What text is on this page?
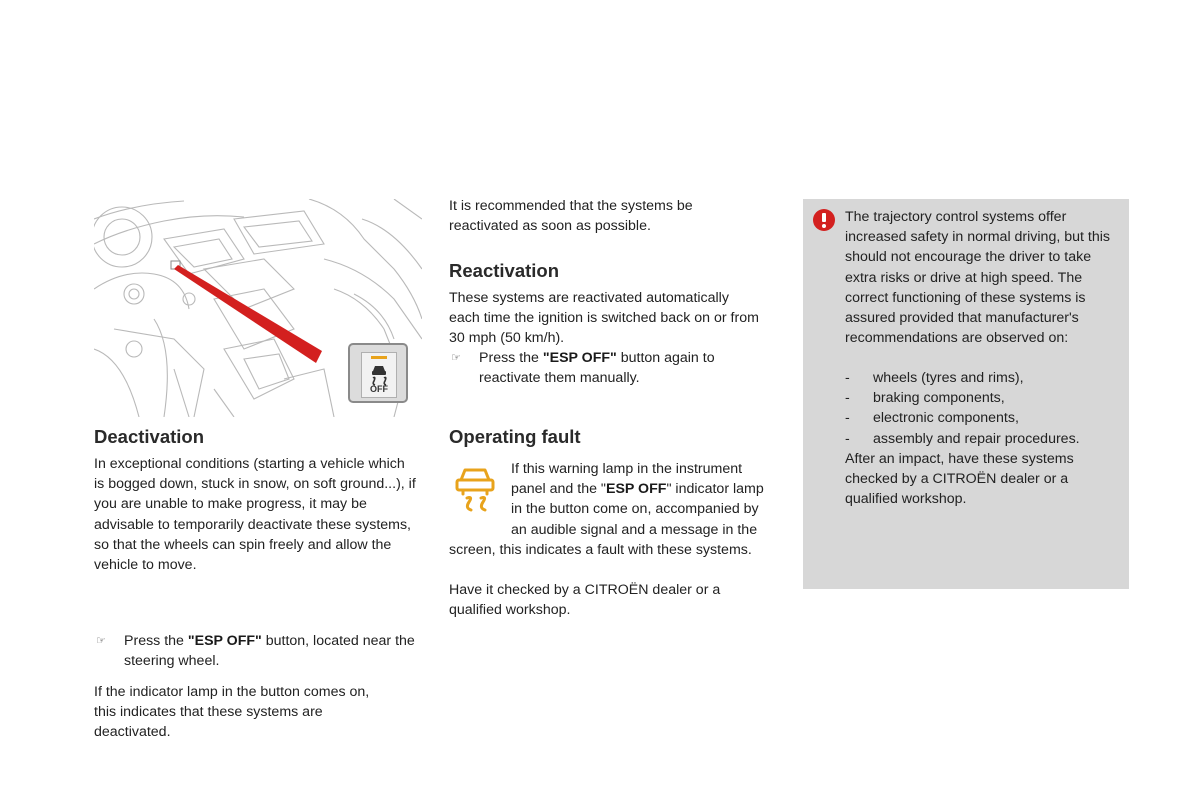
OFF
Deactivation

In exceptional conditions (starting a vehicle which is bogged down, stuck in snow, on soft ground...), if you are unable to make progress, it may be advisable to temporarily deactivate these systems, so that the wheels can spin freely and allow the vehicle to move.

☞	Press the "ESP OFF" button, located near the steering wheel.

If the indicator lamp in the button comes on, this indicates that these systems are deactivated.

It is recommended that the systems be reactivated as soon as possible.

Reactivation

These systems are reactivated automatically each time the ignition is switched back on or from 30 mph (50 km/h).

☞	Press the "ESP OFF" button again to reactivate them manually.
Operating fault

If this warning lamp in the instrument panel and the "ESP OFF" indicator lamp in the button come on, accompanied by an audible signal and a message in the screen, this indicates a fault with these systems.

Have it checked by a CITROËN dealer or a qualified workshop.

The trajectory control systems offer increased safety in normal driving, but this should not encourage the driver to take extra risks or drive at high speed. The correct functioning of these systems is assured provided that manufacturer's recommendations are observed on:

-	wheels (tyres and rims),
-	braking components,
-	electronic components,
-	assembly and repair procedures.

After an impact, have these systems checked by a CITROËN dealer or a qualified workshop.
